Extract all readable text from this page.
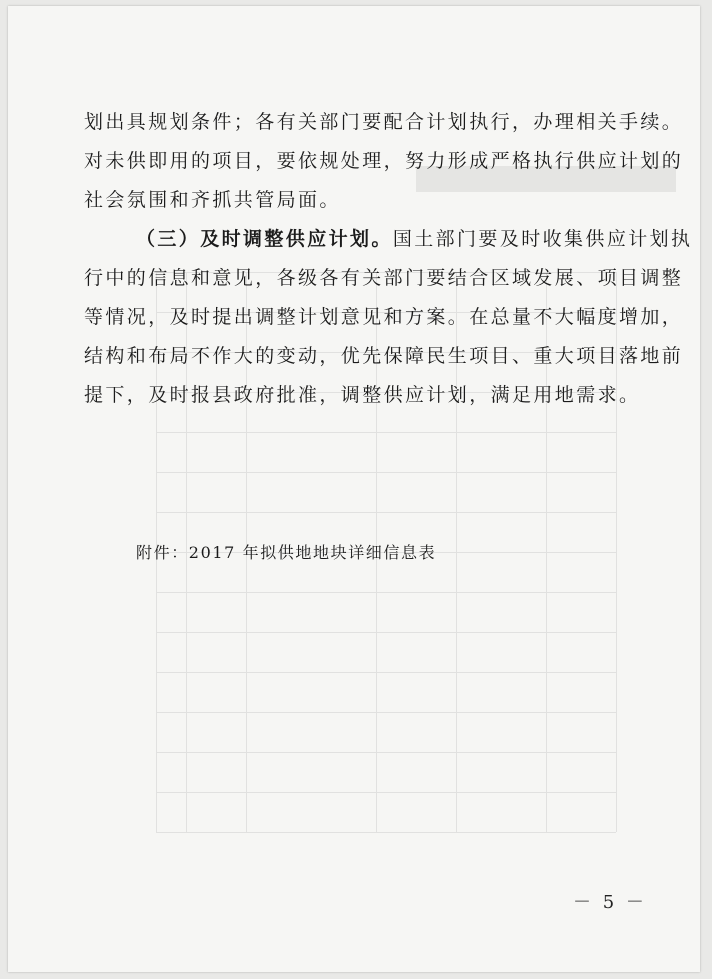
划出具规划条件；各有关部门要配合计划执行，办理相关手续。
对未供即用的项目，要依规处理，努力形成严格执行供应计划的
社会氛围和齐抓共管局面。
（三）及时调整供应计划。国土部门要及时收集供应计划执
行中的信息和意见，各级各有关部门要结合区域发展、项目调整
等情况，及时提出调整计划意见和方案。在总量不大幅度增加，
结构和布局不作大的变动，优先保障民生项目、重大项目落地前
提下，及时报县政府批准，调整供应计划，满足用地需求。
附件：2017 年拟供地地块详细信息表
－ 5 －
